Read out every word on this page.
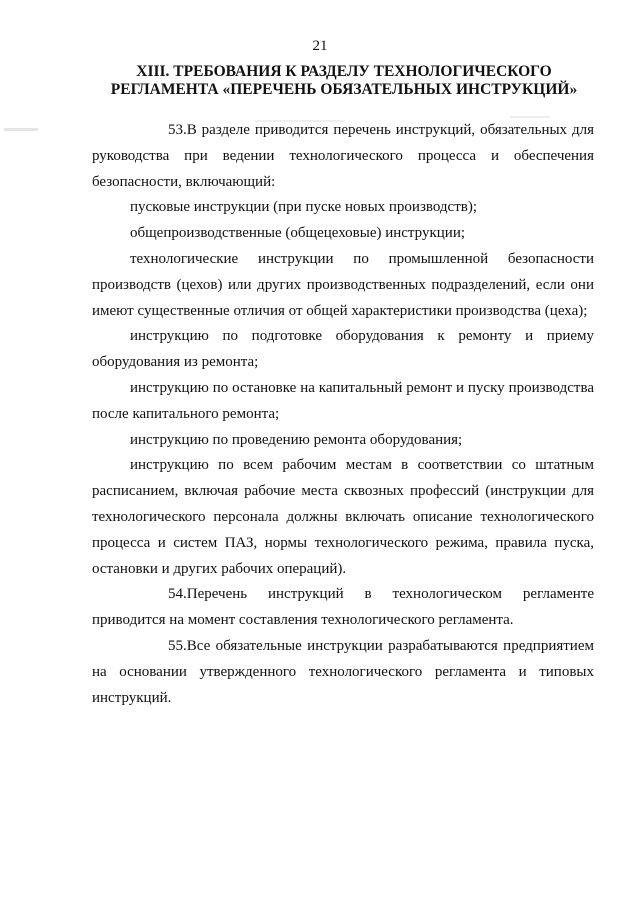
21
XIII. ТРЕБОВАНИЯ К РАЗДЕЛУ ТЕХНОЛОГИЧЕСКОГО
РЕГЛАМЕНТА «ПЕРЕЧЕНЬ ОБЯЗАТЕЛЬНЫХ ИНСТРУКЦИЙ»

53.В разделе приводится перечень инструкций, обязательных для руководства при ведении технологического процесса и обеспечения безопасности, включающий:

пусковые инструкции (при пуске новых производств);

общепроизводственные (общецеховые) инструкции;

технологические инструкции по промышленной безопасности производств (цехов) или других производственных подразделений, если они имеют существенные отличия от общей характеристики производства (цеха);

инструкцию по подготовке оборудования к ремонту и приему оборудования из ремонта;

инструкцию по остановке на капитальный ремонт и пуску производства после капитального ремонта;

инструкцию по проведению ремонта оборудования;

инструкцию по всем рабочим местам в соответствии со штатным расписанием, включая рабочие места сквозных профессий (инструкции для технологического персонала должны включать описание технологического процесса и систем ПАЗ, нормы технологического режима, правила пуска, остановки и других рабочих операций).

54.Перечень инструкций в технологическом регламенте приводится на момент составления технологического регламента.

55.Все обязательные инструкции разрабатываются предприятием на основании утвержденного технологического регламента и типовых инструкций.
